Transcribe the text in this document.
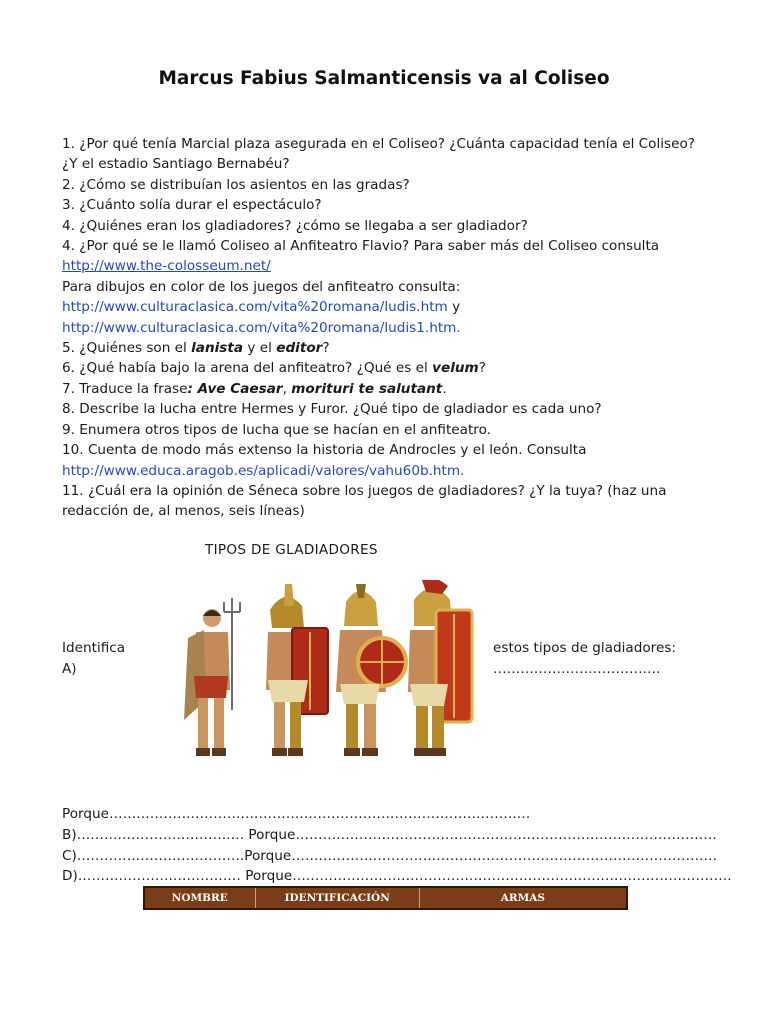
Marcus Fabius Salmanticensis va al Coliseo

1. ¿Por qué tenía Marcial plaza asegurada en el Coliseo? ¿Cuánta capacidad tenía el Coliseo? ¿Y el estadio Santiago Bernabéu?

2. ¿Cómo se distribuían los asientos en las gradas?

3. ¿Cuánto solía durar el espectáculo?

4. ¿Quiénes eran los gladiadores? ¿cómo se llegaba a ser gladiador?

4. ¿Por qué se le llamó Coliseo al Anfiteatro Flavio? Para saber más del Coliseo consulta

http://www.the-colosseum.net/

Para dibujos en color de los juegos del anfiteatro consulta:

http://www.culturaclasica.com/vita%20romana/ludis.htm y

http://www.culturaclasica.com/vita%20romana/ludis1.htm.

5. ¿Quiénes son el lanista y el editor?

6. ¿Qué había bajo la arena del anfiteatro? ¿Qué es el velum?

7. Traduce la frase: Ave Caesar, morituri te salutant.

8. Describe la lucha entre Hermes y Furor. ¿Qué tipo de gladiador es cada uno?

9. Enumera otros tipos de lucha que se hacían en el anfiteatro.

10. Cuenta de modo más extenso la historia de Androcles y el león. Consulta

http://www.educa.aragob.es/aplicadi/valores/vahu60b.htm.

11. ¿Cuál era la opinión de Séneca sobre los juegos de gladiadores? ¿Y la tuya? (haz una redacción de, al menos, seis líneas)

TIPOS DE GLADIADORES
Identifica
A)
estos tipos de gladiadores:
……………………………….
Porque…………………………………………………………………………………
B)………………………………. Porque…………………………………………………………………………………
C)……………………………….Porque………………………………………………………………………………….
D)……………………………… Porque…………………………………………………………………………………….
NOMBRE	IDENTIFICACIÓN	ARMAS
